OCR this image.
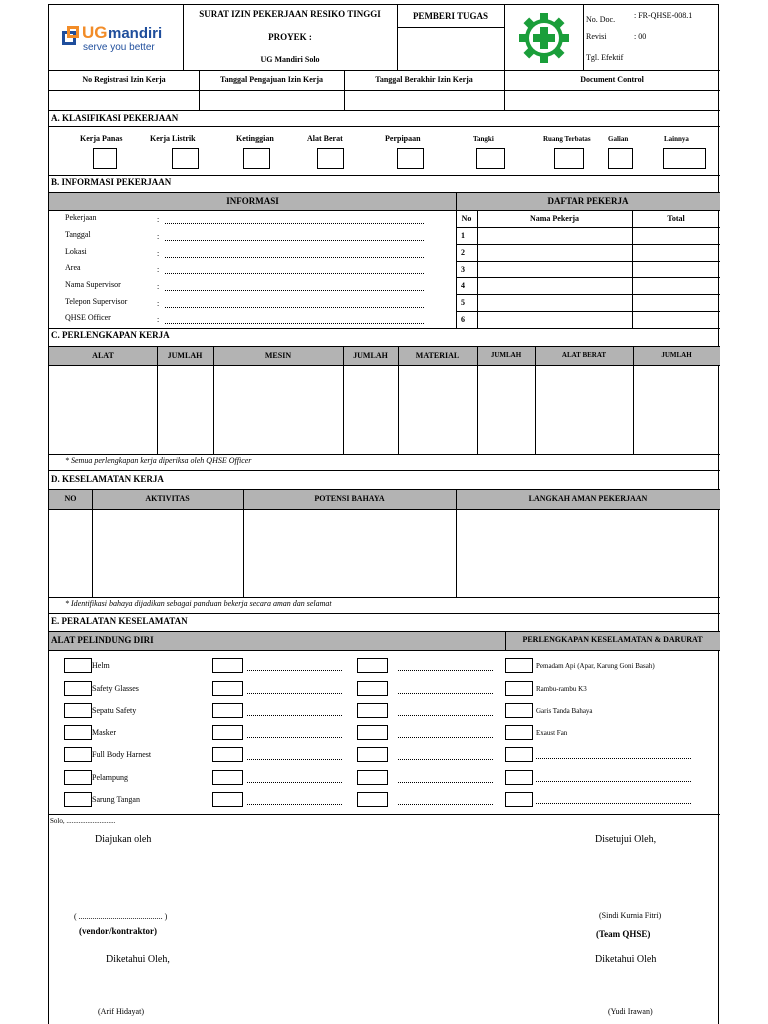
UG mandiri
serve you better
SURAT IZIN PEKERJAAN RESIKO TINGGI
PROYEK :
UG Mandiri Solo
PEMBERI TUGAS	No. Doc. : FR-QHSE-008.1
Revisi	: 00
Tgl. Efektif
No Registrasi Izin Kerja	Tanggal Pengajuan Izin Kerja	Tanggal Berakhir Izin Kerja	Document Control
A. KLASIFIKASI PEKERJAAN
Kerja Panas	Kerja Listrik	Ketinggian	Alat Berat	Perpipaan	Tangki	Ruang Terbatas Galian	Lainnya
B. INFORMASI PEKERJAAN
INFORMASI	DAFTAR PEKERJA
Pekerjaan	:
Tanggal	:
Lokasi	:
Area	:
Nama Supervisor	:
Telepon Supervisor	:
QHSE Officer	:
No	Nama Pekerja	Total
1
2
3
4
5
6
C. PERLENGKAPAN KERJA
ALAT	JUMLAH	MESIN	JUMLAH	MATERIAL	JUMLAH	ALAT BERAT	JUMLAH
* Semua perlengkapan kerja diperiksa oleh QHSE Officer
D. KESELAMATAN KERJA
NO	AKTIVITAS	POTENSI BAHAYA	LANGKAH AMAN PEKERJAAN
* Identifikasi bahaya dijadikan sebagai panduan bekerja secara aman dan selamat
E. PERALATAN KESELAMATAN
ALAT PELINDUNG DIRI	PERLENGKAPAN KESELAMATAN & DARURAT
Helm	Pemadam Api (Apar, Karung Goni Basah)
Safety Glasses	Rambu-rambu K3
Sepatu Safety	Garis Tanda Bahaya
Masker	Exaust Fan
Full Body Harnest
Pelampung
Sarung Tangan
Solo, ............................
Diajukan oleh	Disetujui Oleh,
( .......................................... )
(vendor/kontraktor)
(Sindi Kurnia Fitri)
(Team QHSE)
Diketahui Oleh,	Diketahui Oleh
(Arif Hidayat)	(Yudi Irawan)
